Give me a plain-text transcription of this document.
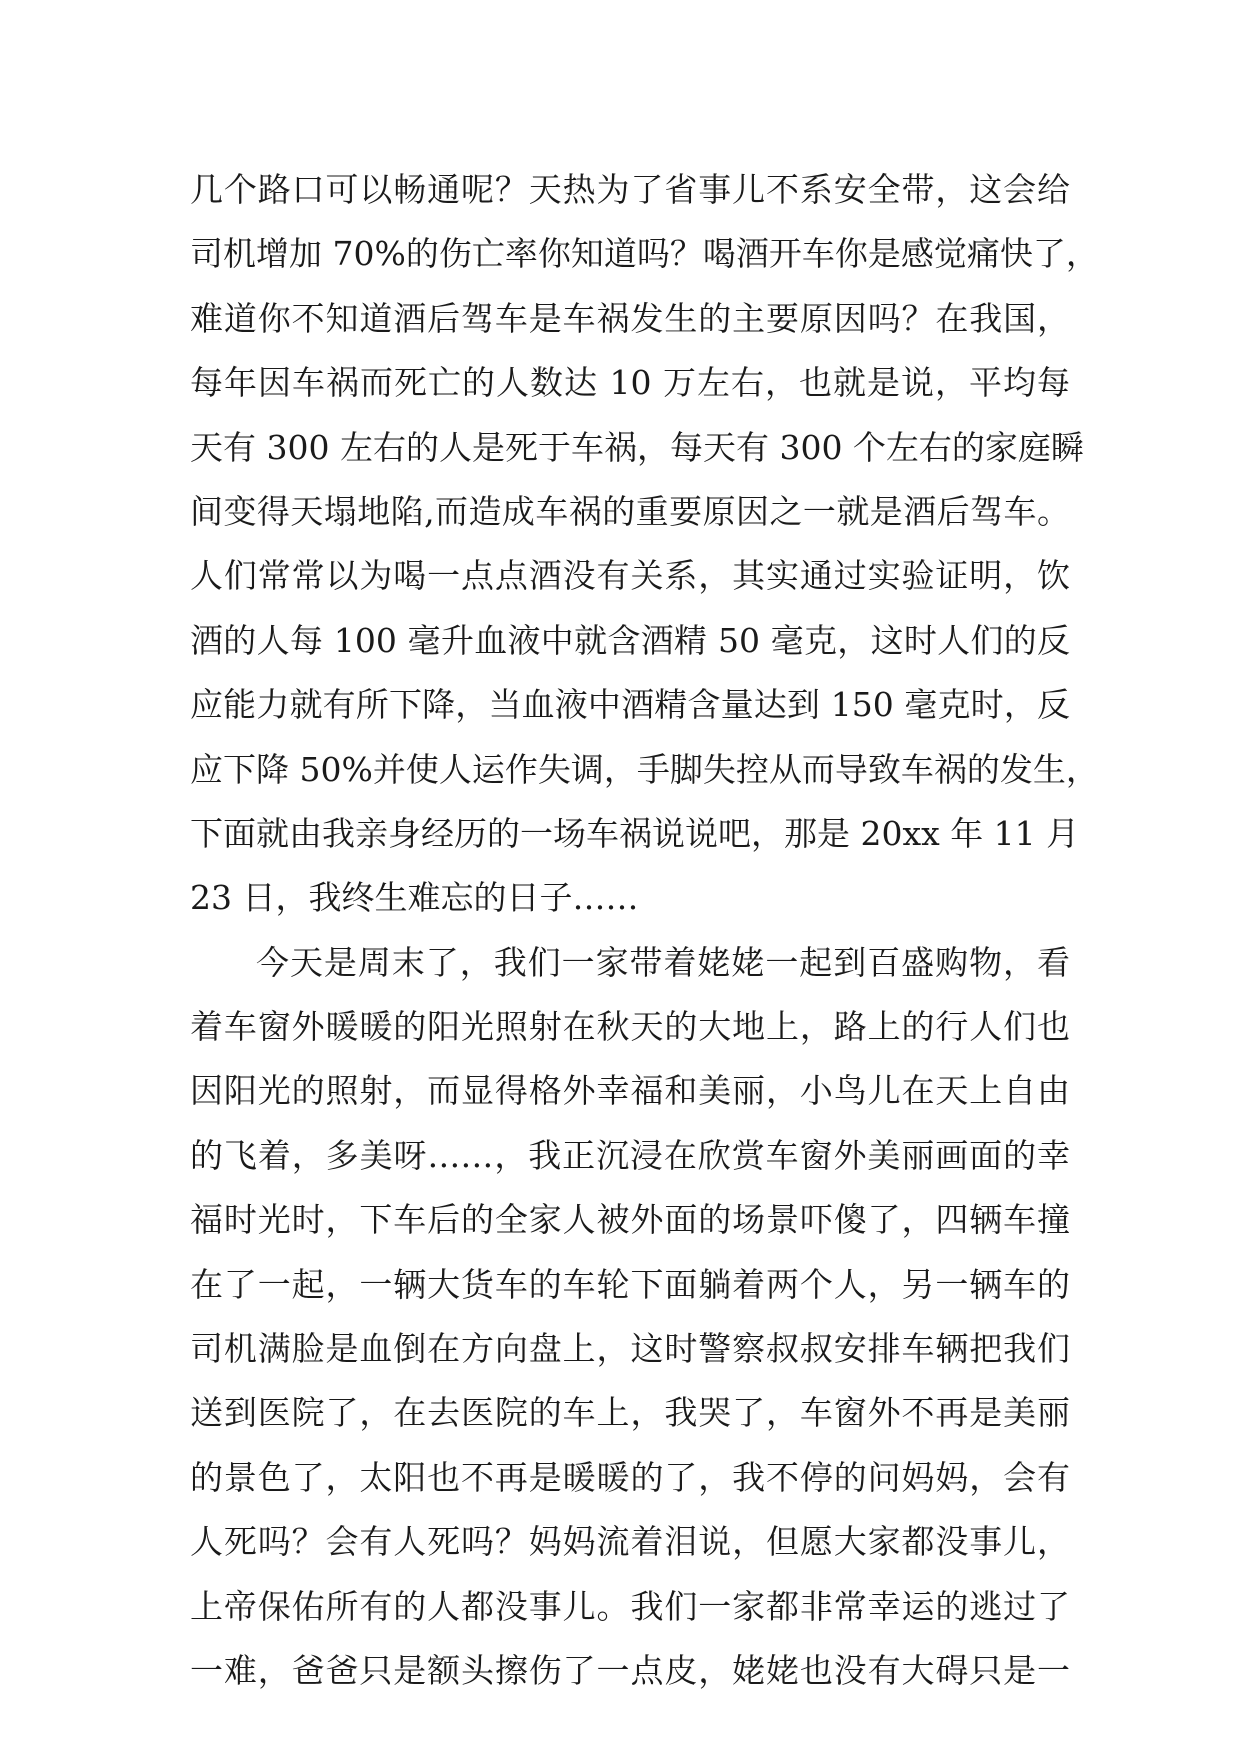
几个路口可以畅通呢？天热为了省事儿不系安全带，这会给
司机增加 70%的伤亡率你知道吗？喝酒开车你是感觉痛快了，
难道你不知道酒后驾车是车祸发生的主要原因吗？在我国，
每年因车祸而死亡的人数达 10 万左右，也就是说，平均每
天有 300 左右的人是死于车祸，每天有 300 个左右的家庭瞬
间变得天塌地陷,而造成车祸的重要原因之一就是酒后驾车。
人们常常以为喝一点点酒没有关系，其实通过实验证明，饮
酒的人每 100 毫升血液中就含酒精 50 毫克，这时人们的反
应能力就有所下降，当血液中酒精含量达到 150 毫克时，反
应下降 50%并使人运作失调，手脚失控从而导致车祸的发生，
下面就由我亲身经历的一场车祸说说吧，那是 20xx 年 11 月
23 日，我终生难忘的日子……
今天是周末了，我们一家带着姥姥一起到百盛购物，看
着车窗外暖暖的阳光照射在秋天的大地上，路上的行人们也
因阳光的照射，而显得格外幸福和美丽，小鸟儿在天上自由
的飞着，多美呀……，我正沉浸在欣赏车窗外美丽画面的幸
福时光时，下车后的全家人被外面的场景吓傻了，四辆车撞
在了一起，一辆大货车的车轮下面躺着两个人，另一辆车的
司机满脸是血倒在方向盘上，这时警察叔叔安排车辆把我们
送到医院了，在去医院的车上，我哭了，车窗外不再是美丽
的景色了，太阳也不再是暖暖的了，我不停的问妈妈，会有
人死吗？会有人死吗？妈妈流着泪说，但愿大家都没事儿，
上帝保佑所有的人都没事儿。我们一家都非常幸运的逃过了
一难，爸爸只是额头擦伤了一点皮，姥姥也没有大碍只是一
